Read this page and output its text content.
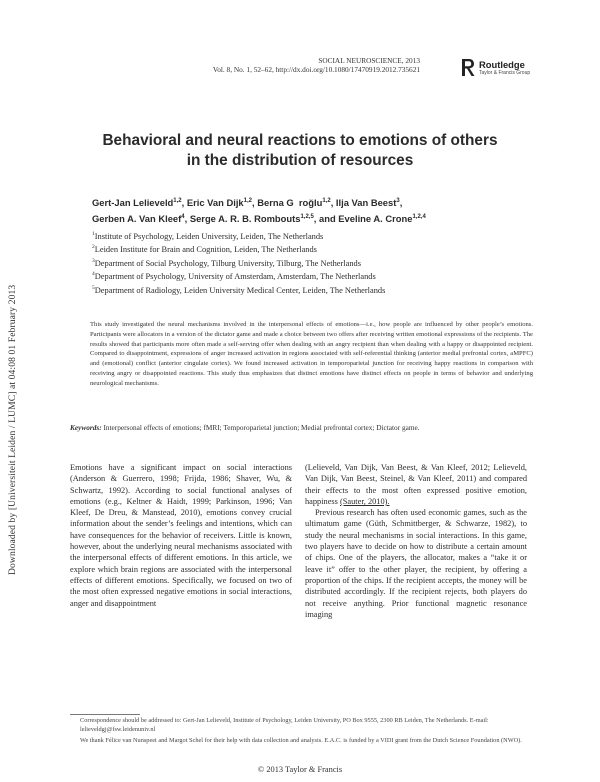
Downloaded by [Universiteit Leiden / LUMC] at 04:08 01 February 2013
SOCIAL NEUROSCIENCE, 2013
Vol. 8, No. 1, 52–62, http://dx.doi.org/10.1080/17470919.2012.735621	Routledge
Taylor & Francis Group
Behavioral and neural reactions to emotions of others
in the distribution of resources
Gert-Jan Lelieveld$^{1,2}$, Eric Van Dijk$^{1,2}$, Berna G  roğlu$^{1,2}$, Ilja Van Beest$^3$,
Gerben A. Van Kleef$^4$, Serge A. R. B. Rombouts$^{1,2,5}$, and Eveline A. Crone$^{1,2,4}$
$^1$Institute of Psychology, Leiden University, Leiden, The Netherlands
$^2$Leiden Institute for Brain and Cognition, Leiden, The Netherlands
$^3$Department of Social Psychology, Tilburg University, Tilburg, The Netherlands
$^4$Department of Psychology, University of Amsterdam, Amsterdam, The Netherlands
$^5$Department of Radiology, Leiden University Medical Center, Leiden, The Netherlands
This study investigated the neural mechanisms involved in the interpersonal effects of emotions—i.e., how people are influenced by other people’s emotions. Participants were allocators in a version of the dictator game and made a choice between two offers after receiving written emotional expressions of the recipients. The results showed that participants more often made a self-serving offer when dealing with an angry recipient than when dealing with a happy or disappointed recipient. Compared to disappointment, expressions of anger increased activation in regions associated with self-referential thinking (anterior medial prefrontal cortex, aMPFC) and (emotional) conflict (anterior cingulate cortex). We found increased activation in temporoparietal junction for receiving happy reactions in comparison with receiving angry or disappointed reactions. This study thus emphasizes that distinct emotions have distinct effects on people in terms of behavior and underlying neurological mechanisms.
Keywords: Interpersonal effects of emotions; fMRI; Temporoparietal junction; Medial prefrontal cortex; Dictator game.

Emotions have a significant impact on social interactions (Anderson & Guerrero, 1998; Frijda, 1986; Shaver, Wu, & Schwartz, 1992). According to social functional analyses of emotions (e.g., Keltner & Haidt, 1999; Parkinson, 1996; Van Kleef, De Dreu, & Manstead, 2010), emotions convey crucial information about the sender’s feelings and intentions, which can have consequences for the behavior of receivers. Little is known, however, about the underlying neural mechanisms associated with the interpersonal effects of different emotions. In this article, we explore which brain regions are associated with the interpersonal effects of different emotions. Specifically, we focused on two of the most often expressed negative emotions in social interactions, anger and disappointment

(Lelieveld, Van Dijk, Van Beest, & Van Kleef, 2012; Lelieveld, Van Dijk, Van Beest, Steinel, & Van Kleef, 2011) and compared their effects to the most often expressed positive emotion, happiness (Sauter, 2010).

Previous research has often used economic games, such as the ultimatum game (Güth, Schmittberger, & Schwarze, 1982), to study the neural mechanisms in social interactions. In this game, two players have to decide on how to distribute a certain amount of chips. One of the players, the allocator, makes a “take it or leave it” offer to the other player, the recipient, by offering a proportion of the chips. If the recipient accepts, the money will be distributed accordingly. If the recipient rejects, both players do not receive anything. Prior functional magnetic resonance imaging

Correspondence should be addressed to: Gert-Jan Lelieveld, Institute of Psychology, Leiden University, PO Box 9555, 2300 RB Leiden, The Netherlands. E-mail: lelieveldgj@fsw.leidenuniv.nl
We thank Félice van Nunspeet and Margot Schel for their help with data collection and analysis. E.A.C. is funded by a VIDI grant from the Dutch Science Foundation (NWO).
© 2013 Taylor & Francis
